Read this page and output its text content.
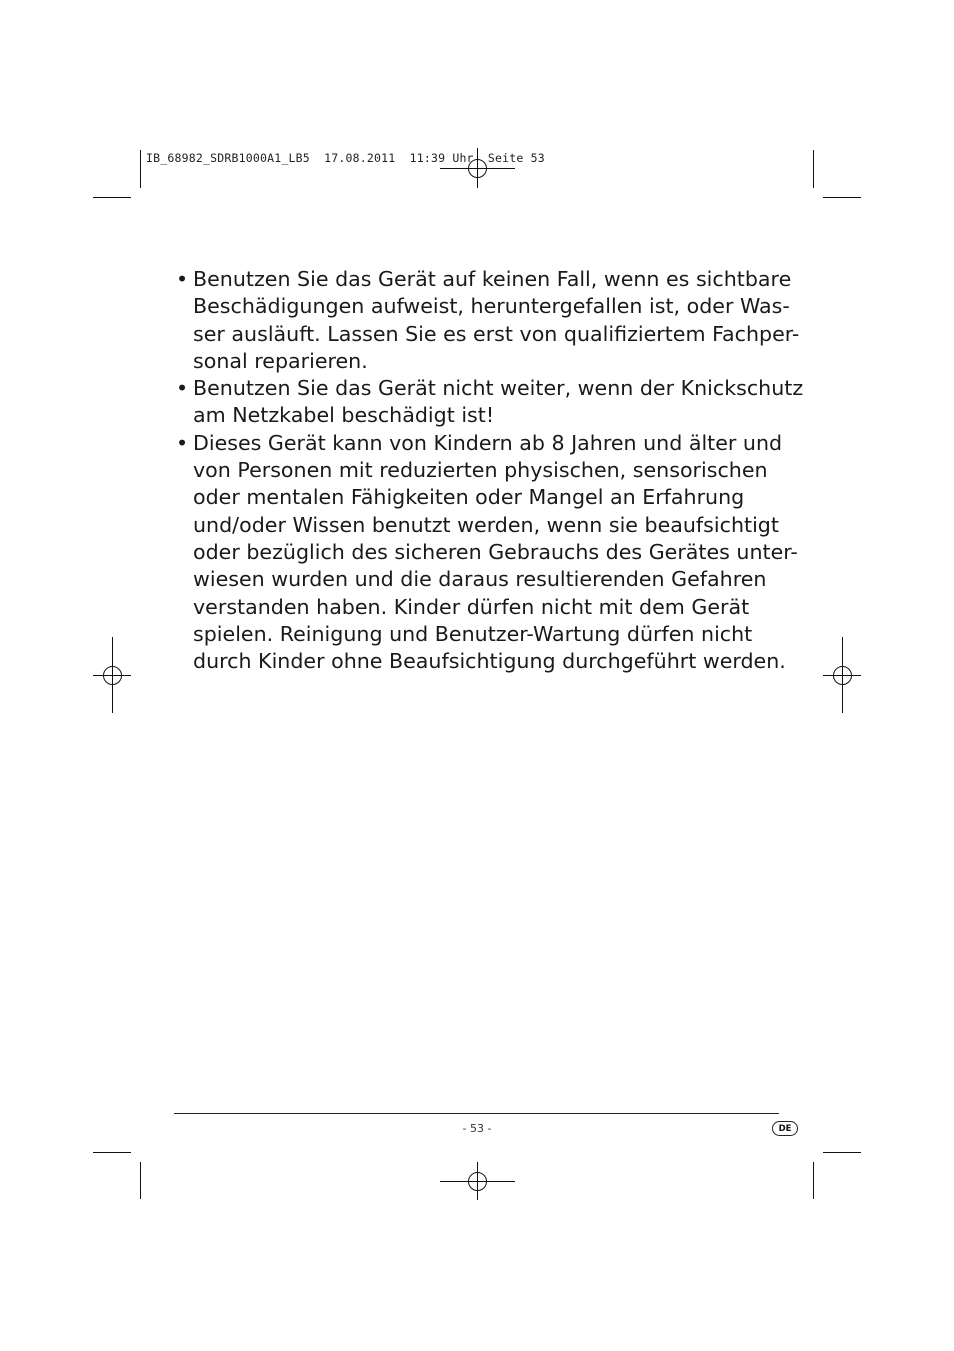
IB_68982_SDRB1000A1_LB5  17.08.2011  11:39 Uhr  Seite 53
• Benutzen Sie das Gerät auf keinen Fall, wenn es sichtbare
Beschädigungen aufweist, heruntergefallen ist, oder Was-
ser ausläuft. Lassen Sie es erst von qualifiziertem Fachper-
sonal reparieren.
• Benutzen Sie das Gerät nicht weiter, wenn der Knickschutz
am Netzkabel beschädigt ist!
• Dieses Gerät kann von Kindern ab 8 Jahren und älter und
von Personen mit reduzierten physischen, sensorischen
oder mentalen Fähigkeiten oder Mangel an Erfahrung
und/oder Wissen benutzt werden, wenn sie beaufsichtigt
oder bezüglich des sicheren Gebrauchs des Gerätes unter-
wiesen wurden und die daraus resultierenden Gefahren
verstanden haben. Kinder dürfen nicht mit dem Gerät
spielen. Reinigung und Benutzer-Wartung dürfen nicht
durch Kinder ohne Beaufsichtigung durchgeführt werden.
- 53 -	DE
